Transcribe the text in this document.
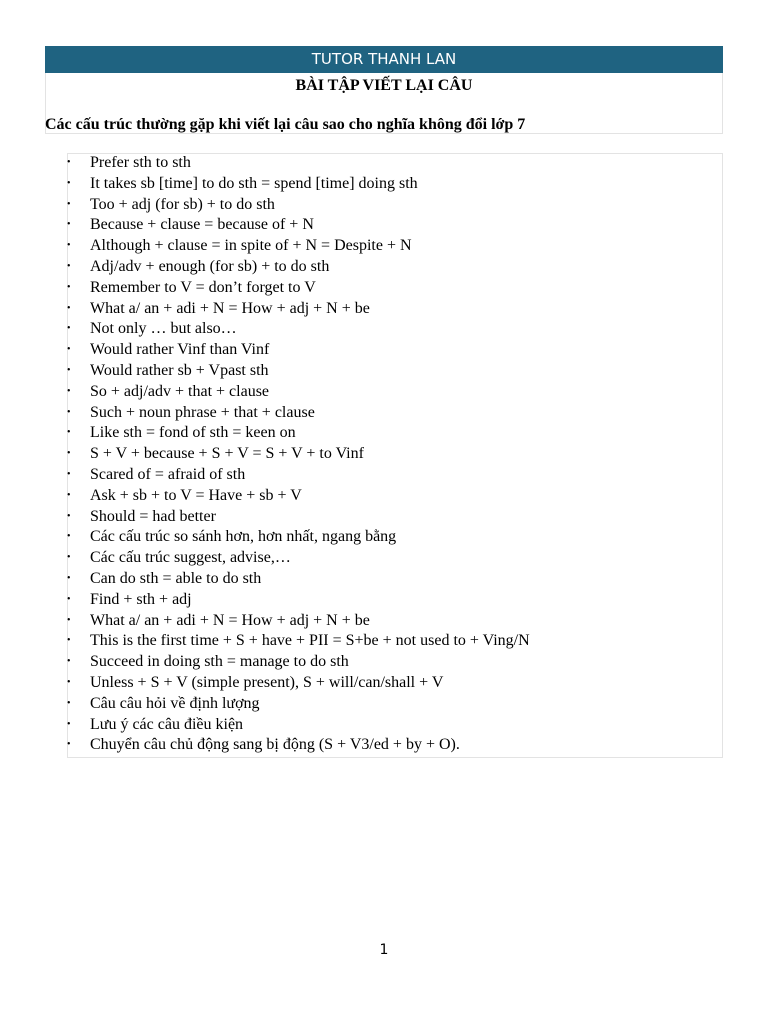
TUTOR THANH LAN
BÀI TẬP VIẾT LẠI CÂU
Các cấu trúc thường gặp khi viết lại câu sao cho nghĩa không đổi lớp 7
•	Prefer sth to sth
•	It takes sb [time] to do sth = spend [time] doing sth
•	Too + adj (for sb) + to do sth
•	Because + clause = because of + N
•	Although + clause = in spite of + N = Despite + N
•	Adj/adv + enough (for sb) + to do sth
•	Remember to V = don’t forget to V
•	What a/ an + adi + N = How + adj + N + be
•	Not only … but also…
•	Would rather Vinf than Vinf
•	Would rather sb + Vpast sth
•	So + adj/adv + that + clause
•	Such + noun phrase + that + clause
•	Like sth = fond of sth = keen on
•	S + V + because + S + V = S + V + to Vinf
•	Scared of = afraid of sth
•	Ask + sb + to V = Have + sb + V
•	Should = had better
•	Các cấu trúc so sánh hơn, hơn nhất, ngang bằng
•	Các cấu trúc suggest, advise,…
•	Can do sth = able to do sth
•	Find + sth + adj
•	What a/ an + adi + N = How + adj + N + be
•	This is the first time + S + have + PII = S+be + not used to + Ving/N
•	Succeed in doing sth = manage to do sth
•	Unless + S + V (simple present), S + will/can/shall + V
•	Câu câu hỏi về định lượng
•	Lưu ý các câu điều kiện
•	Chuyển câu chủ động sang bị động (S + V3/ed + by + O).
1
